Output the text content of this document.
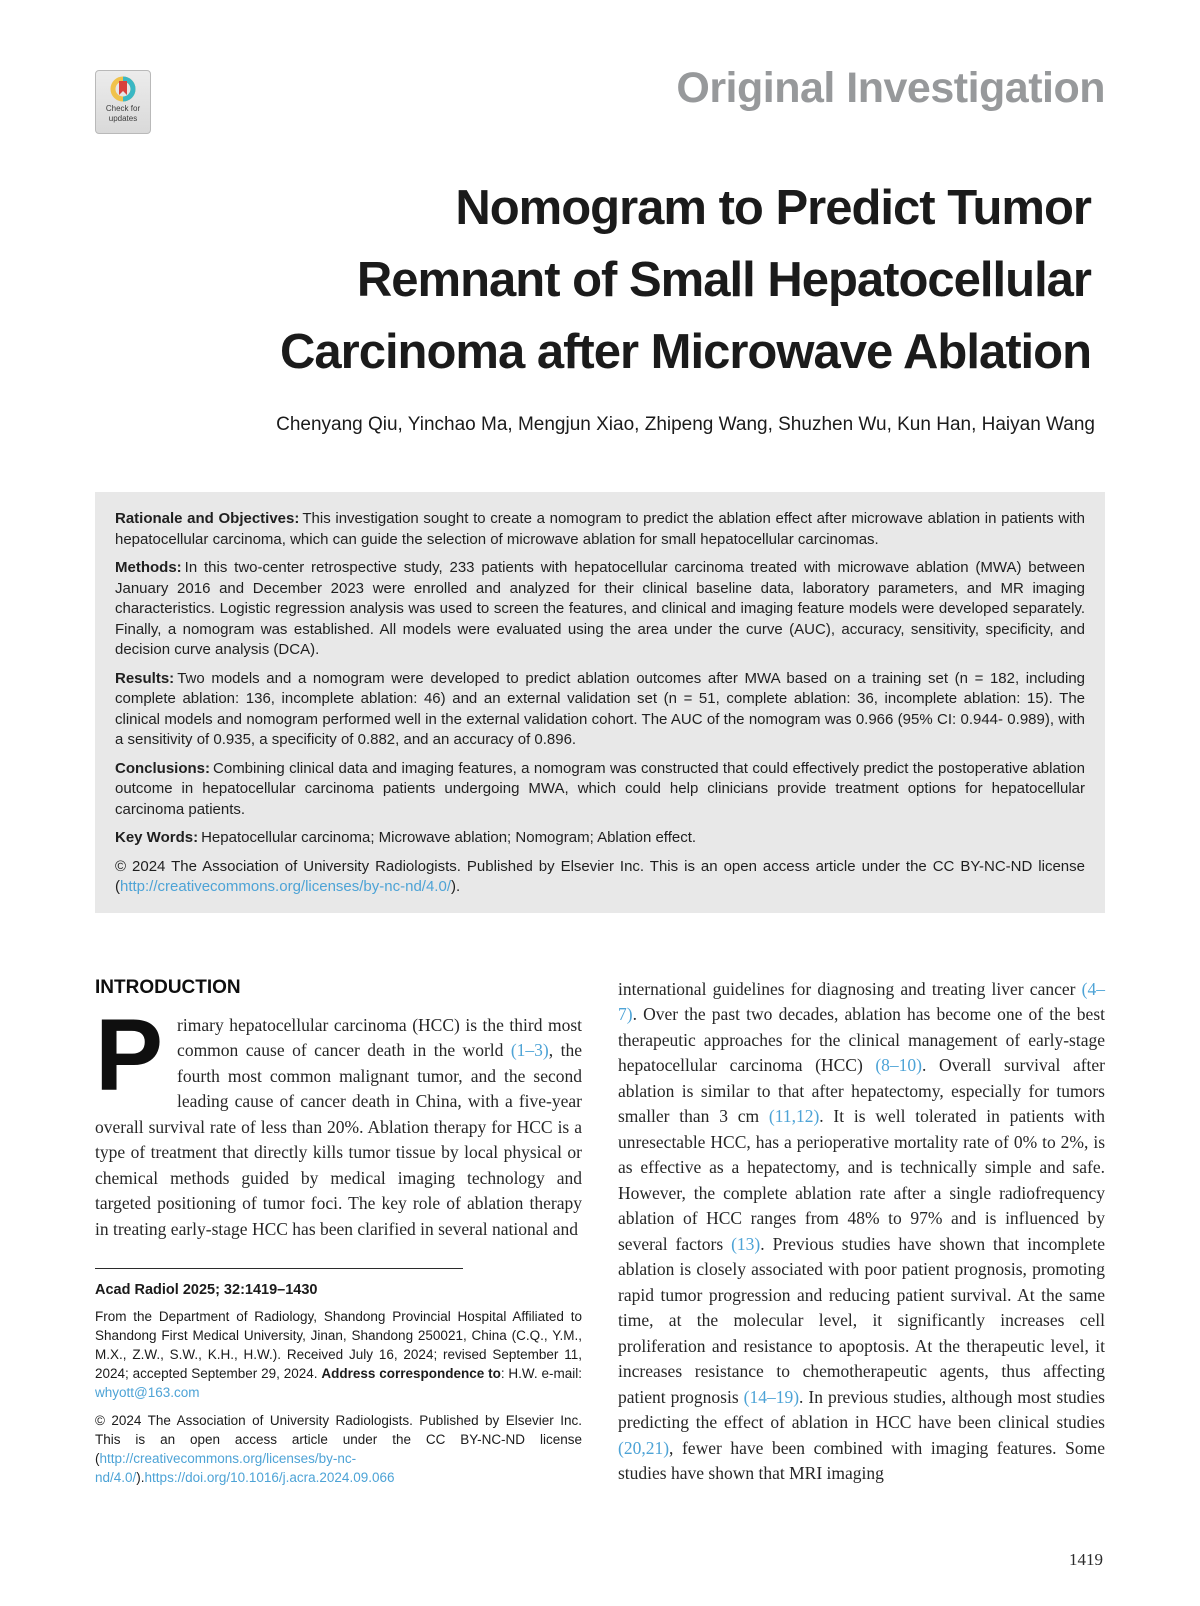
Check for
updates
Original Investigation
Nomogram to Predict Tumor
Remnant of Small Hepatocellular
Carcinoma after Microwave Ablation
Chenyang Qiu, Yinchao Ma, Mengjun Xiao, Zhipeng Wang, Shuzhen Wu, Kun Han, Haiyan Wang

Rationale and Objectives: This investigation sought to create a nomogram to predict the ablation effect after microwave ablation in patients with hepatocellular carcinoma, which can guide the selection of microwave ablation for small hepatocellular carcinomas.

Methods: In this two-center retrospective study, 233 patients with hepatocellular carcinoma treated with microwave ablation (MWA) between January 2016 and December 2023 were enrolled and analyzed for their clinical baseline data, laboratory parameters, and MR imaging characteristics. Logistic regression analysis was used to screen the features, and clinical and imaging feature models were developed separately. Finally, a nomogram was established. All models were evaluated using the area under the curve (AUC), accuracy, sensitivity, specificity, and decision curve analysis (DCA).

Results: Two models and a nomogram were developed to predict ablation outcomes after MWA based on a training set (n = 182, including complete ablation: 136, incomplete ablation: 46) and an external validation set (n = 51, complete ablation: 36, incomplete ablation: 15). The clinical models and nomogram performed well in the external validation cohort. The AUC of the nomogram was 0.966 (95% CI: 0.944- 0.989), with a sensitivity of 0.935, a specificity of 0.882, and an accuracy of 0.896.

Conclusions: Combining clinical data and imaging features, a nomogram was constructed that could effectively predict the postoperative ablation outcome in hepatocellular carcinoma patients undergoing MWA, which could help clinicians provide treatment options for hepatocellular carcinoma patients.

Key Words: Hepatocellular carcinoma; Microwave ablation; Nomogram; Ablation effect.

© 2024 The Association of University Radiologists. Published by Elsevier Inc. This is an open access article under the CC BY-NC-ND license (http://creativecommons.org/licenses/by-nc-nd/4.0/).

INTRODUCTION

Primary hepatocellular carcinoma (HCC) is the third most common cause of cancer death in the world (1–3), the fourth most common malignant tumor, and the second leading cause of cancer death in China, with a five-year overall survival rate of less than 20%. Ablation therapy for HCC is a type of treatment that directly kills tumor tissue by local physical or chemical methods guided by medical imaging technology and targeted positioning of tumor foci. The key role of ablation therapy in treating early-stage HCC has been clarified in several national and

Acad Radiol 2025; 32:1419–1430

From the Department of Radiology, Shandong Provincial Hospital Affiliated to Shandong First Medical University, Jinan, Shandong 250021, China (C.Q., Y.M., M.X., Z.W., S.W., K.H., H.W.). Received July 16, 2024; revised September 11, 2024; accepted September 29, 2024. Address correspondence to: H.W. e-mail: whyott@163.com

© 2024 The Association of University Radiologists. Published by Elsevier Inc. This is an open access article under the CC BY-NC-ND license (http://creativecommons.org/licenses/by-nc-nd/4.0/).https://doi.org/10.1016/j.acra.2024.09.066

international guidelines for diagnosing and treating liver cancer (4–7). Over the past two decades, ablation has become one of the best therapeutic approaches for the clinical management of early-stage hepatocellular carcinoma (HCC) (8–10). Overall survival after ablation is similar to that after hepatectomy, especially for tumors smaller than 3 cm (11,12). It is well tolerated in patients with unresectable HCC, has a perioperative mortality rate of 0% to 2%, is as effective as a hepatectomy, and is technically simple and safe. However, the complete ablation rate after a single radiofrequency ablation of HCC ranges from 48% to 97% and is influenced by several factors (13). Previous studies have shown that incomplete ablation is closely associated with poor patient prognosis, promoting rapid tumor progression and reducing patient survival. At the same time, at the molecular level, it significantly increases cell proliferation and resistance to apoptosis. At the therapeutic level, it increases resistance to chemotherapeutic agents, thus affecting patient prognosis (14–19). In previous studies, although most studies predicting the effect of ablation in HCC have been clinical studies (20,21), fewer have been combined with imaging features. Some studies have shown that MRI imaging

1419
